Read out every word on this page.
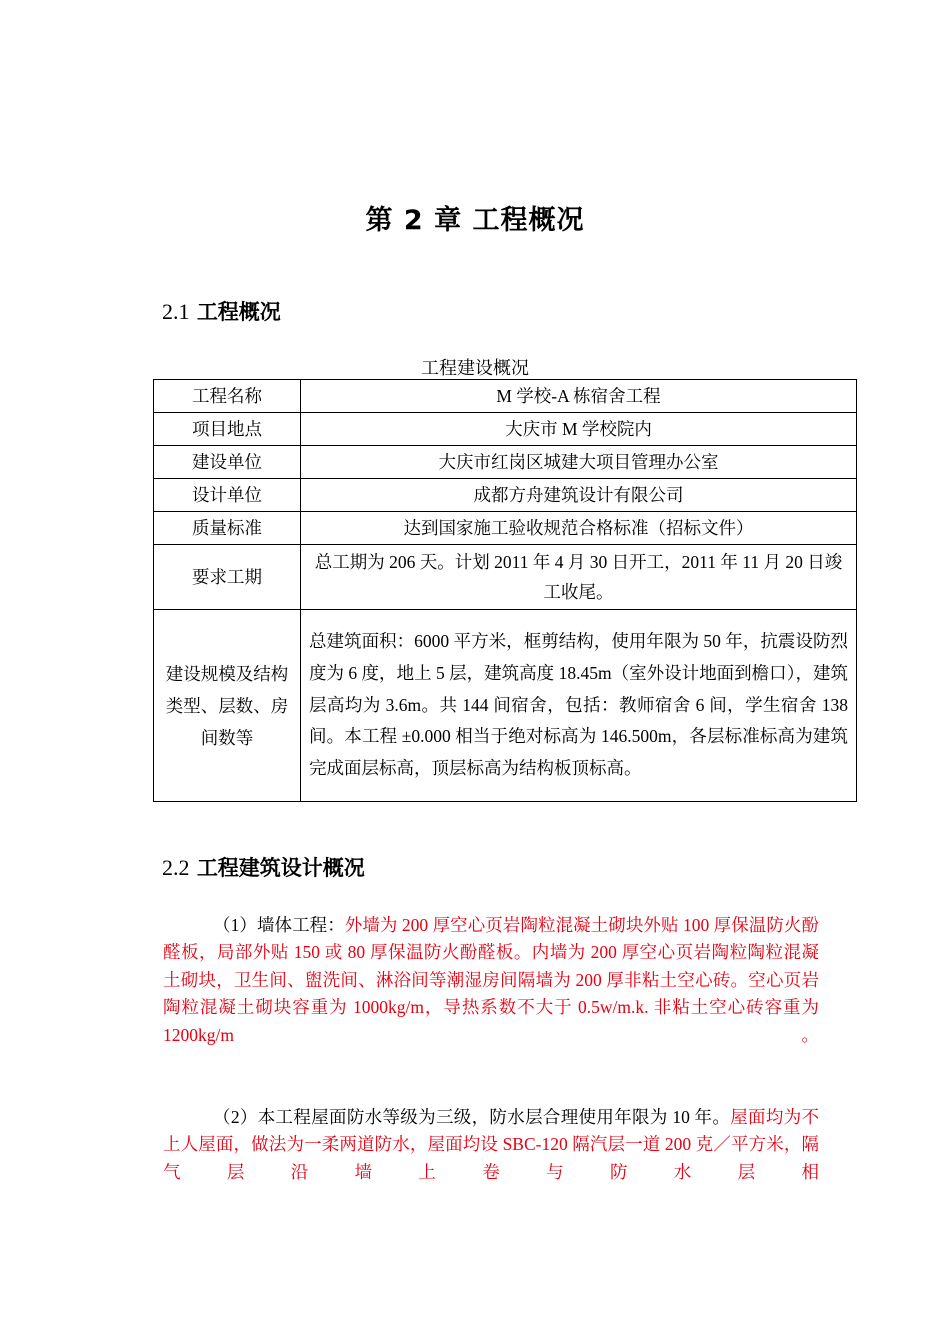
第 2 章 工程概况
2.1 工程概况
工程建设概况
工程名称	M 学校-A 栋宿舍工程
项目地点	大庆市 M 学校院内
建设单位	大庆市红岗区城建大项目管理办公室
设计单位	成都方舟建筑设计有限公司
质量标准	达到国家施工验收规范合格标准（招标文件）
要求工期	总工期为 206 天。计划 2011 年 4 月 30 日开工，2011 年 11 月 20 日竣工收尾。
建设规模及结构类型、层数、房间数等	总建筑面积：6000 平方米，框剪结构，使用年限为 50 年，抗震设防烈度为 6 度，地上 5 层，建筑高度 18.45m（室外设计地面到檐口），建筑层高均为 3.6m。共 144 间宿舍，包括：教师宿舍 6 间，学生宿舍 138 间。本工程 ±0.000 相当于绝对标高为 146.500m，各层标准标高为建筑完成面层标高，顶层标高为结构板顶标高。
2.2 工程建筑设计概况
（1）墙体工程：外墙为 200 厚空心页岩陶粒混凝土砌块外贴 100 厚保温防火酚醛板，局部外贴 150 或 80 厚保温防火酚醛板。内墙为 200 厚空心页岩陶粒陶粒混凝土砌块，卫生间、盥洗间、淋浴间等潮湿房间隔墙为 200 厚非粘土空心砖。空心页岩陶粒混凝土砌块容重为 1000kg/m，导热系数不大于 0.5w/m.k. 非粘土空心砖容重为 1200kg/m 。
（2）本工程屋面防水等级为三级，防水层合理使用年限为 10 年。屋面均为不上人屋面，做法为一柔两道防水，屋面均设 SBC-120 隔汽层一道 200 克／平方米，隔气层沿墙上卷与防水层相
